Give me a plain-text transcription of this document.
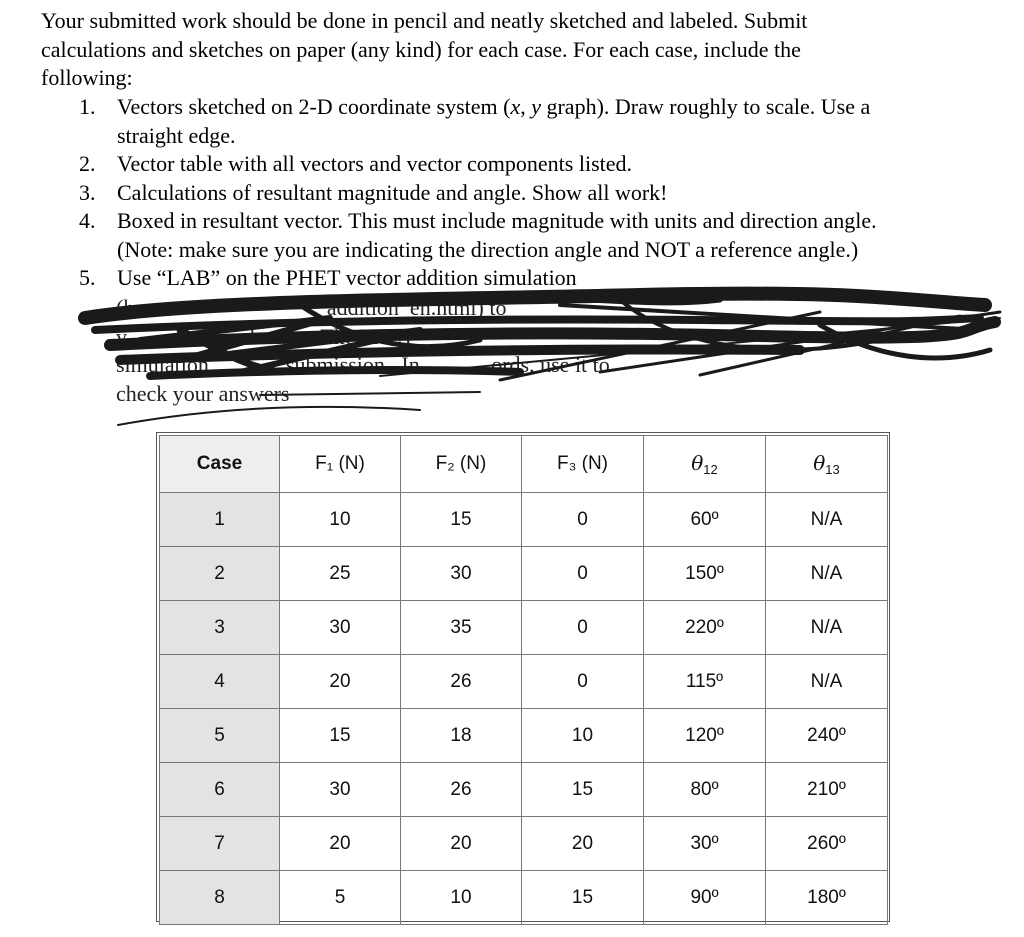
Your submitted work should be done in pencil and neatly sketched and labeled. Submit
calculations and sketches on paper (any kind) for each case. For each case, include the
following:
1. Vectors sketched on 2-D coordinate system (x, y graph). Draw roughly to scale. Use a
straight edge.
2. Vector table with all vectors and vector components listed.
3. Calculations of resultant magnitude and angle. Show all work!
4. Boxed in resultant vector. This must include magnitude with units and direction angle.
(Note: make sure you are indicating the direction angle and NOT a reference angle.)
5. Use “LAB” on the PHET vector addition simulation
(h                                   addition_en.html) to
v                 each case.  The PHET
simulation              submission.  In             ords, use it to
check your answers
Case	F₁ (N)	F₂ (N)	F₃ (N)	$\theta_{12}$	$\theta_{13}$
1	10	15	0	60º	N/A
2	25	30	0	150º	N/A
3	30	35	0	220º	N/A
4	20	26	0	115º	N/A
5	15	18	10	120º	240º
6	30	26	15	80º	210º
7	20	20	20	30º	260º
8	5	10	15	90º	180º
